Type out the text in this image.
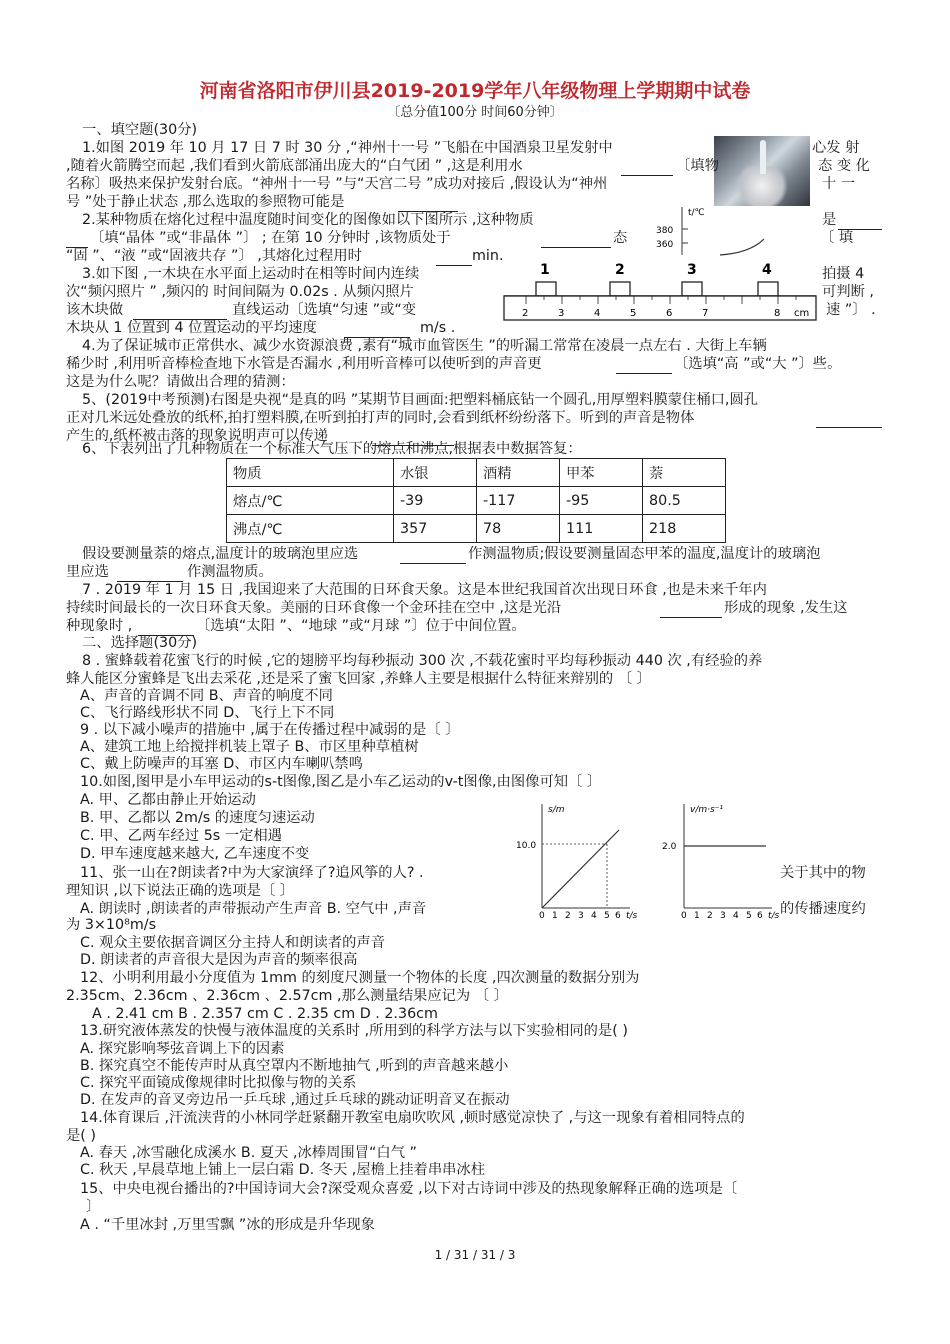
河南省洛阳市伊川县2019-2019学年八年级物理上学期期中试卷
〔总分值100分 时间60分钟〕
一、填空题(30分)
1.如图 2019 年 10 月 17 日 7 时 30 分 ,“神州十一号 ”飞船在中国酒泉卫星发射中	心发 射
,随着火箭腾空而起 ,我们看到火箭底部涌出庞大的“白气团 ” ,这是利用水	〔填物	态 变 化
名称〕吸热来保护发射台底。“神州十一号 ”与“天宫二号 ”成功对接后 ,假设认为“神州	十 一
号 ”处于静止状态 ,那么选取的参照物可能是
2.某种物质在熔化过程中温度随时间变化的图像如以下图所示 ,这种物质	是
〔填“晶体 ”或“非晶体 ”〕 ; 在第 10 分钟时 ,该物质处于	态	〔 填
“固 ”、“液 ”或“固液共存 ”〕 ,其熔化过程用时	min.
t/℃
380
360
3.如下图 ,一木块在水平面上运动时在相等时间内连续	拍摄 4
次“频闪照片 ” ,频闪的 时间间隔为 0.02s . 从频闪照片	可判断 ,
该木块做	直线运动〔选填“匀速 ”或“变	速 ”〕 .
木块从 1 位置到 4 位置运动的平均速度	m/s .
1	2	3	4
2	3	4	5	6	7	8 cm
4.为了保证城市正常供水、减少水资源浪费 ,素有“城市血管医生 ”的听漏工常常在凌晨一点左右 . 大街上车辆
稀少时 ,利用听音棒检查地下水管是否漏水 ,利用听音棒可以使听到的声音更	〔选填“高 ”或“大 ”〕些。
这是为什么呢？请做出合理的猜测：
5、(2019中考预测)右图是央视“是真的吗 ”某期节目画面:把塑料桶底钻一个圆孔,用厚塑料膜蒙住桶口,圆孔
正对几米远处叠放的纸杯,拍打塑料膜,在听到拍打声的同时,会看到纸杯纷纷落下。听到的声音是物体
产生的,纸杯被击落的现象说明声可以传递
6、下表列出了几种物质在一个标准大气压下的熔点和沸点,根据表中数据答复：
物质	水银	酒精	甲苯	萘
熔点/℃	-39	-117	-95	80.5
沸点/℃	357	78	111	218
假设要测量萘的熔点,温度计的玻璃泡里应选	作测温物质;假设要测量固态甲苯的温度,温度计的玻璃泡
里应选	作测温物质。
7 . 2019 年 1 月 15 日 ,我国迎来了大范围的日环食天象。这是本世纪我国首次出现日环食 ,也是未来千年内
持续时间最长的一次日环食天象。美丽的日环食像一个金环挂在空中 ,这是光沿	形成的现象 ,发生这
种现象时 ,	〔选填“太阳 ”、“地球 ”或“月球 ”〕位于中间位置。
二、选择题(30分)
8 . 蜜蜂载着花蜜飞行的时候 ,它的翅膀平均每秒振动 300 次 ,不载花蜜时平均每秒振动 440 次 ,有经验的养
蜂人能区分蜜蜂是飞出去采花 ,还是采了蜜飞回家 ,养蜂人主要是根据什么特征来辩别的 〔 〕
A、声音的音调不同 B、声音的响度不同
C、飞行路线形状不同 D、飞行上下不同
9 . 以下减小噪声的措施中 ,属于在传播过程中减弱的是〔 〕
A、建筑工地上给搅拌机装上罩子 B、市区里种草植树
C、戴上防噪声的耳塞 D、市区内车喇叭禁鸣
10.如图,图甲是小车甲运动的s-t图像,图乙是小车乙运动的v-t图像,由图像可知〔 〕
A. 甲、乙都由静止开始运动
B. 甲、乙都以 2m/s 的速度匀速运动
C. 甲、乙两车经过 5s 一定相遇
D. 甲车速度越来越大, 乙车速度不变
s/m
10.0
0 1 2 3 4 5 6 t/s
v/m·s⁻¹
2.0
0 1 2 3 4 5 6 t/s
11、张一山在?朗读者?中为大家演绎了?追风筝的人? .	关于其中的物
理知识 ,以下说法正确的选项是〔 〕
A. 朗读时 ,朗读者的声带振动产生声音 B. 空气中 ,声音	的传播速度约
为 3×10⁸m/s
C. 观众主要依据音调区分主持人和朗读者的声音
D. 朗读者的声音很大是因为声音的频率很高
12、小明利用最小分度值为 1mm 的刻度尺测量一个物体的长度 ,四次测量的数据分别为
2.35cm、2.36cm 、2.36cm 、2.57cm ,那么测量结果应记为 〔 〕
A . 2.41 cm B . 2.357 cm C . 2.35 cm D . 2.36cm
13.研究液体蒸发的快慢与液体温度的关系时 ,所用到的科学方法与以下实验相同的是( )
A. 探究影响琴弦音调上下的因素
B. 探究真空不能传声时从真空罩内不断地抽气 ,听到的声音越来越小
C. 探究平面镜成像规律时比拟像与物的关系
D. 在发声的音叉旁边吊一乒乓球 ,通过乒乓球的跳动证明音叉在振动
14.体育课后 ,汗流浃背的小林同学赶紧翻开教室电扇吹吹风 ,顿时感觉凉快了 ,与这一现象有着相同特点的
是( )
A. 春天 ,冰雪融化成溪水 B. 夏天 ,冰棒周围冒“白气 ”
C. 秋天 ,早晨草地上铺上一层白霜 D. 冬天 ,屋檐上挂着串串冰柱
15、中央电视台播出的?中国诗词大会?深受观众喜爱 ,以下对古诗词中涉及的热现象解释正确的选项是〔
〕
A . “千里冰封 ,万里雪飘 ”冰的形成是升华现象
1 / 31 / 31 / 3
